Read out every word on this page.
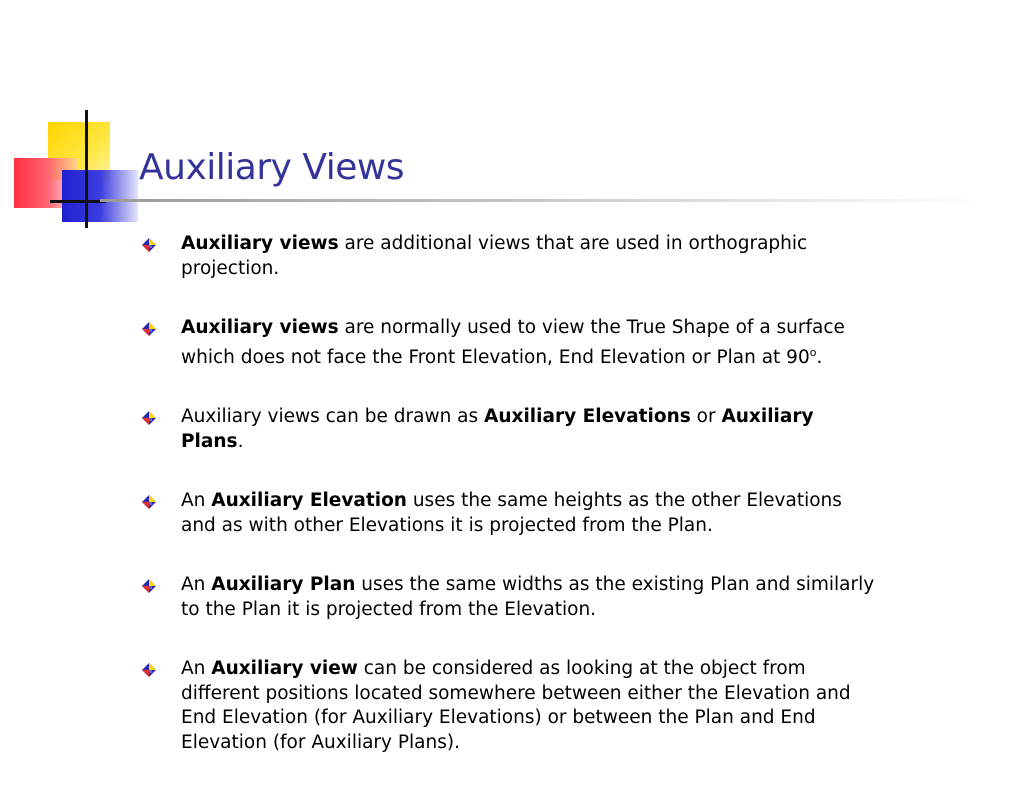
Auxiliary Views
Auxiliary views are additional views that are used in orthographic projection.
Auxiliary views are normally used to view the True Shape of a surface which does not face the Front Elevation, End Elevation or Plan at 90$^o$.
Auxiliary views can be drawn as Auxiliary Elevations or Auxiliary Plans.
An Auxiliary Elevation uses the same heights as the other Elevations and as with other Elevations it is projected from the Plan.
An Auxiliary Plan uses the same widths as the existing Plan and similarly to the Plan it is projected from the Elevation.
An Auxiliary view can be considered as looking at the object from different positions located somewhere between either the Elevation and End Elevation (for Auxiliary Elevations) or between the Plan and End Elevation (for Auxiliary Plans).
